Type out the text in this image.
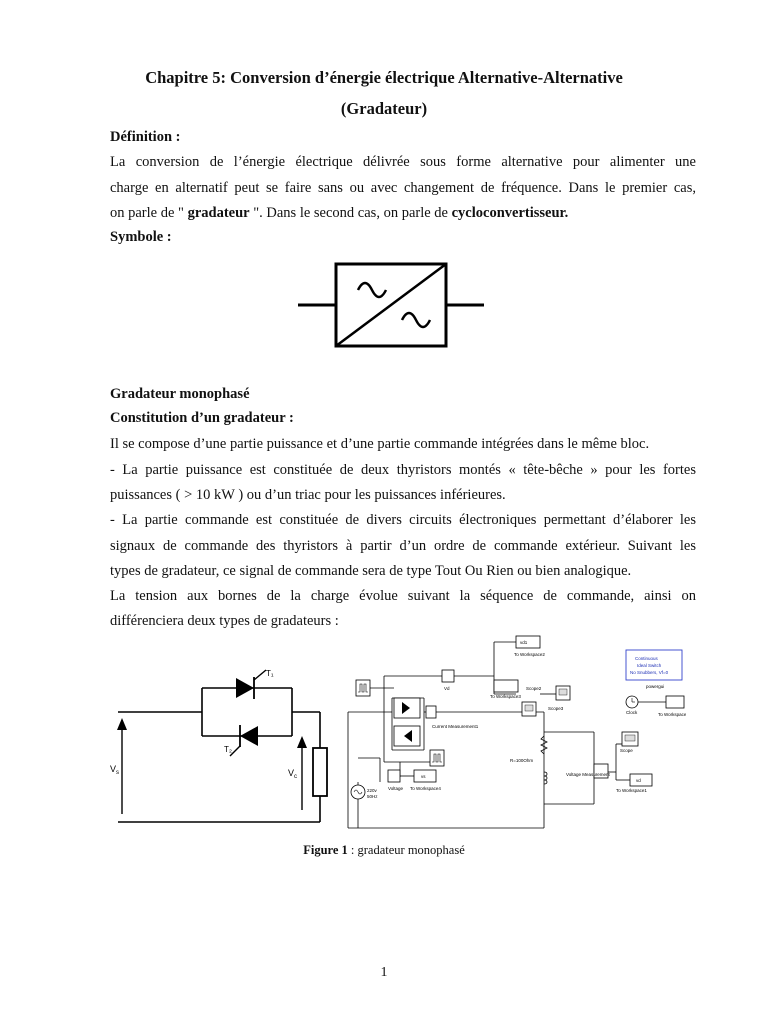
Chapitre 5: Conversion d’énergie électrique Alternative-Alternative
(Gradateur)
Définition :
La conversion de l’énergie électrique délivrée sous forme alternative pour alimenter une
charge en alternatif peut se faire sans ou avec changement de fréquence. Dans le premier cas,
on parle de " gradateur ". Dans le second cas, on parle de cycloconvertisseur.
Symbole :
Gradateur monophasé
Constitution d’un gradateur :
Il se compose d’une partie puissance et d’une partie commande intégrées dans le même bloc.
- La partie puissance est constituée de deux thyristors montés « tête-bêche » pour les fortes
puissances ( > 10 kW ) ou d’un triac pour les puissances inférieures.
- La partie commande est constituée de divers circuits électroniques permettant d’élaborer les
signaux de commande des thyristors à partir d’un ordre de commande extérieur. Suivant les
types de gradateur, ce signal de commande sera de type Tout Ou Rien ou bien analogique.
La tension aux bornes de la charge évolue suivant la séquence de commande, ainsi on
différenciera deux types de gradateurs :
T₁
T₂
$V_s$	$V_c$
Current Measurement1
Vd
vd1
To Workspace2
To Workspace3
Scope2
Scope3
Continuous
Ideal Switch
No Snubbers, Vf=0
powergui
Clock	To Workspace
R=100Ohm
Voltage Measurement
Scope
vd
To Workspace1
220v
50Hz
Voltage
vs
To Workspace4
Figure 1 : gradateur monophasé
1
